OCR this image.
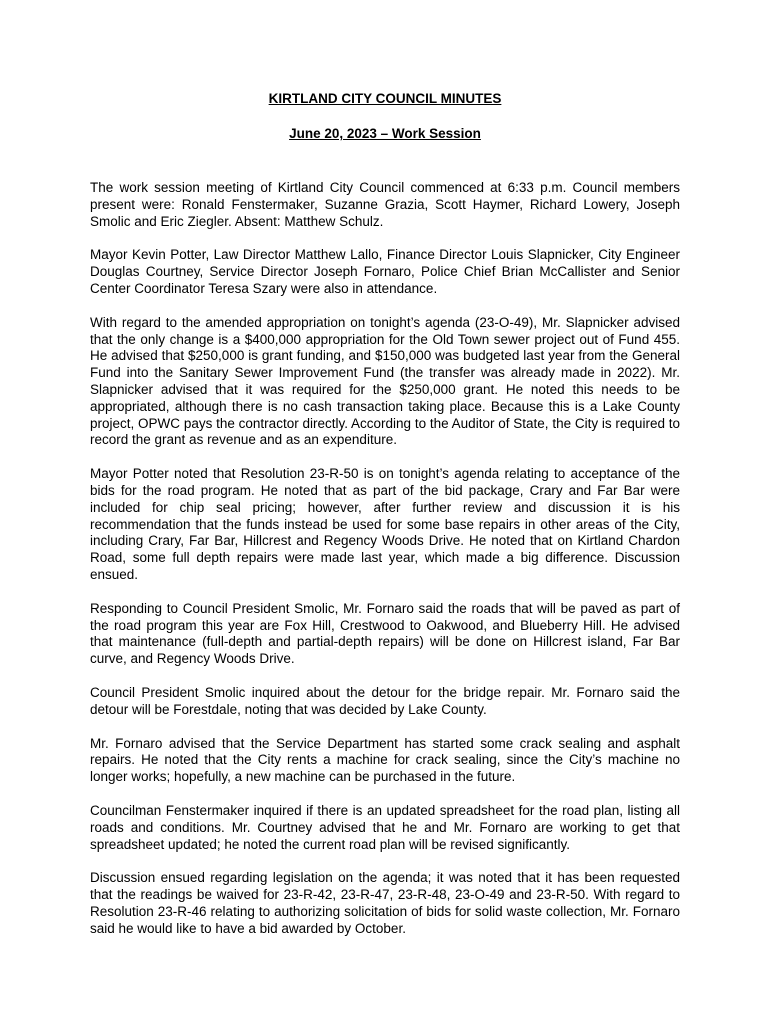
KIRTLAND CITY COUNCIL MINUTES

June 20, 2023 – Work Session

The work session meeting of Kirtland City Council commenced at 6:33 p.m. Council members present were: Ronald Fenstermaker, Suzanne Grazia, Scott Haymer, Richard Lowery, Joseph Smolic and Eric Ziegler. Absent: Matthew Schulz.

Mayor Kevin Potter, Law Director Matthew Lallo, Finance Director Louis Slapnicker, City Engineer Douglas Courtney, Service Director Joseph Fornaro, Police Chief Brian McCallister and Senior Center Coordinator Teresa Szary were also in attendance.

With regard to the amended appropriation on tonight’s agenda (23-O-49), Mr. Slapnicker advised that the only change is a $400,000 appropriation for the Old Town sewer project out of Fund 455. He advised that $250,000 is grant funding, and $150,000 was budgeted last year from the General Fund into the Sanitary Sewer Improvement Fund (the transfer was already made in 2022). Mr. Slapnicker advised that it was required for the $250,000 grant. He noted this needs to be appropriated, although there is no cash transaction taking place. Because this is a Lake County project, OPWC pays the contractor directly. According to the Auditor of State, the City is required to record the grant as revenue and as an expenditure.

Mayor Potter noted that Resolution 23-R-50 is on tonight’s agenda relating to acceptance of the bids for the road program. He noted that as part of the bid package, Crary and Far Bar were included for chip seal pricing; however, after further review and discussion it is his recommendation that the funds instead be used for some base repairs in other areas of the City, including Crary, Far Bar, Hillcrest and Regency Woods Drive. He noted that on Kirtland Chardon Road, some full depth repairs were made last year, which made a big difference. Discussion ensued.

Responding to Council President Smolic, Mr. Fornaro said the roads that will be paved as part of the road program this year are Fox Hill, Crestwood to Oakwood, and Blueberry Hill. He advised that maintenance (full-depth and partial-depth repairs) will be done on Hillcrest island, Far Bar curve, and Regency Woods Drive.

Council President Smolic inquired about the detour for the bridge repair. Mr. Fornaro said the detour will be Forestdale, noting that was decided by Lake County.

Mr. Fornaro advised that the Service Department has started some crack sealing and asphalt repairs. He noted that the City rents a machine for crack sealing, since the City’s machine no longer works; hopefully, a new machine can be purchased in the future.

Councilman Fenstermaker inquired if there is an updated spreadsheet for the road plan, listing all roads and conditions. Mr. Courtney advised that he and Mr. Fornaro are working to get that spreadsheet updated; he noted the current road plan will be revised significantly.

Discussion ensued regarding legislation on the agenda; it was noted that it has been requested that the readings be waived for 23-R-42, 23-R-47, 23-R-48, 23-O-49 and 23-R-50. With regard to Resolution 23-R-46 relating to authorizing solicitation of bids for solid waste collection, Mr. Fornaro said he would like to have a bid awarded by October.
